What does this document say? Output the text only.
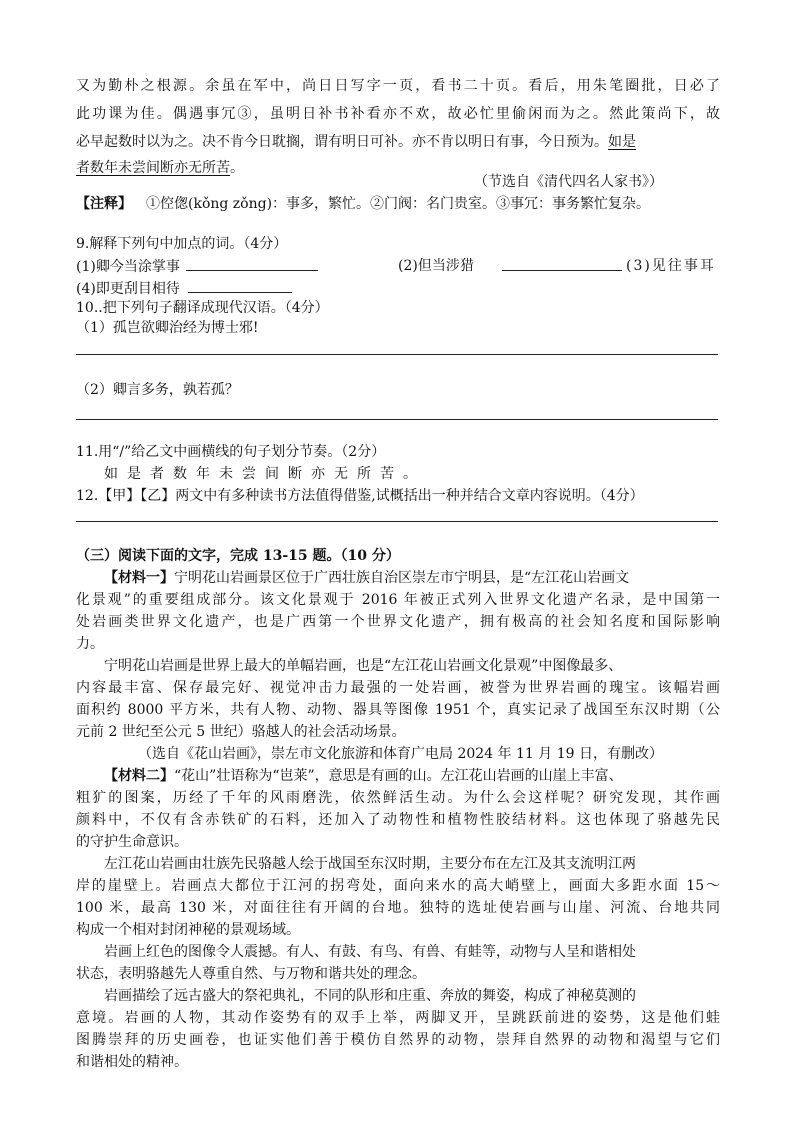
又为勤朴之根源。余虽在军中，尚日日写字一页，看书二十页。看后，用朱笔圈批，日必了
此功课为佳。偶遇事冗③，虽明日补书补看亦不欢，故必忙里偷闲而为之。然此策尚下，故
必早起数时以为之。决不肯今日耽搁，谓有明日可补。亦不肯以明日有事，今日预为。如是
者数年未尝间断亦无所苦。
（节选自《清代四名人家书》）
【注释】 ①倥偬(kǒng zǒng)：事多，繁忙。②门阀：名门贵室。③事冗：事务繁忙复杂。
9.解释下列句中加点的词。（4分）
(1)卿今当涂掌事	(2)但当涉猎	(3)见往事耳
(4)即更刮目相待
10..把下列句子翻译成现代汉语。（4分）
（1）孤岂欲卿治经为博士邪!
（2）卿言多务，孰若孤？
11.用“/”给乙文中画横线的句子划分节奏。（2分）
如是者数年未尝间断亦无所苦。
12.【甲】【乙】两文中有多种读书方法值得借鉴,试概括出一种并结合文章内容说明。（4分）
（三）阅读下面的文字，完成 13-15 题。（10 分）
【材料一】宁明花山岩画景区位于广西壮族自治区崇左市宁明县，是“左江花山岩画文
化景观”的重要组成部分。该文化景观于 2016 年被正式列入世界文化遗产名录，是中国第一
处岩画类世界文化遗产，也是广西第一个世界文化遗产，拥有极高的社会知名度和国际影响
力。
宁明花山岩画是世界上最大的单幅岩画，也是“左江花山岩画文化景观”中图像最多、
内容最丰富、保存最完好、视觉冲击力最强的一处岩画，被誉为世界岩画的瑰宝。该幅岩画
面积约 8000 平方米，共有人物、动物、器具等图像 1951 个，真实记录了战国至东汉时期（公
元前 2 世纪至公元 5 世纪）骆越人的社会活动场景。
（选自《花山岩画》，崇左市文化旅游和体育广电局 2024 年 11 月 19 日，有删改）
【材料二】“花山”壮语称为“岜莱”，意思是有画的山。左江花山岩画的山崖上丰富、
粗犷的图案，历经了千年的风雨磨洗，依然鲜活生动。为什么会这样呢？研究发现，其作画
颜料中，不仅有含赤铁矿的石料，还加入了动物性和植物性胶结材料。这也体现了骆越先民
的守护生命意识。
左江花山岩画由壮族先民骆越人绘于战国至东汉时期，主要分布在左江及其支流明江两
岸的崖壁上。岩画点大都位于江河的拐弯处，面向来水的高大峭壁上，画面大多距水面 15～
100 米，最高 130 米，对面往往有开阔的台地。独特的选址使岩画与山崖、河流、台地共同
构成一个相对封闭神秘的景观场域。
岩画上红色的图像令人震撼。有人、有鼓、有鸟、有兽、有蛙等，动物与人呈和谐相处
状态，表明骆越先人尊重自然、与万物和谐共处的理念。
岩画描绘了远古盛大的祭祀典礼，不同的队形和庄重、奔放的舞姿，构成了神秘莫测的
意境。岩画的人物，其动作姿势有的双手上举，两脚叉开，呈跳跃前进的姿势，这是他们蛙
图腾崇拜的历史画卷，也证实他们善于模仿自然界的动物，崇拜自然界的动物和渴望与它们
和谐相处的精神。
